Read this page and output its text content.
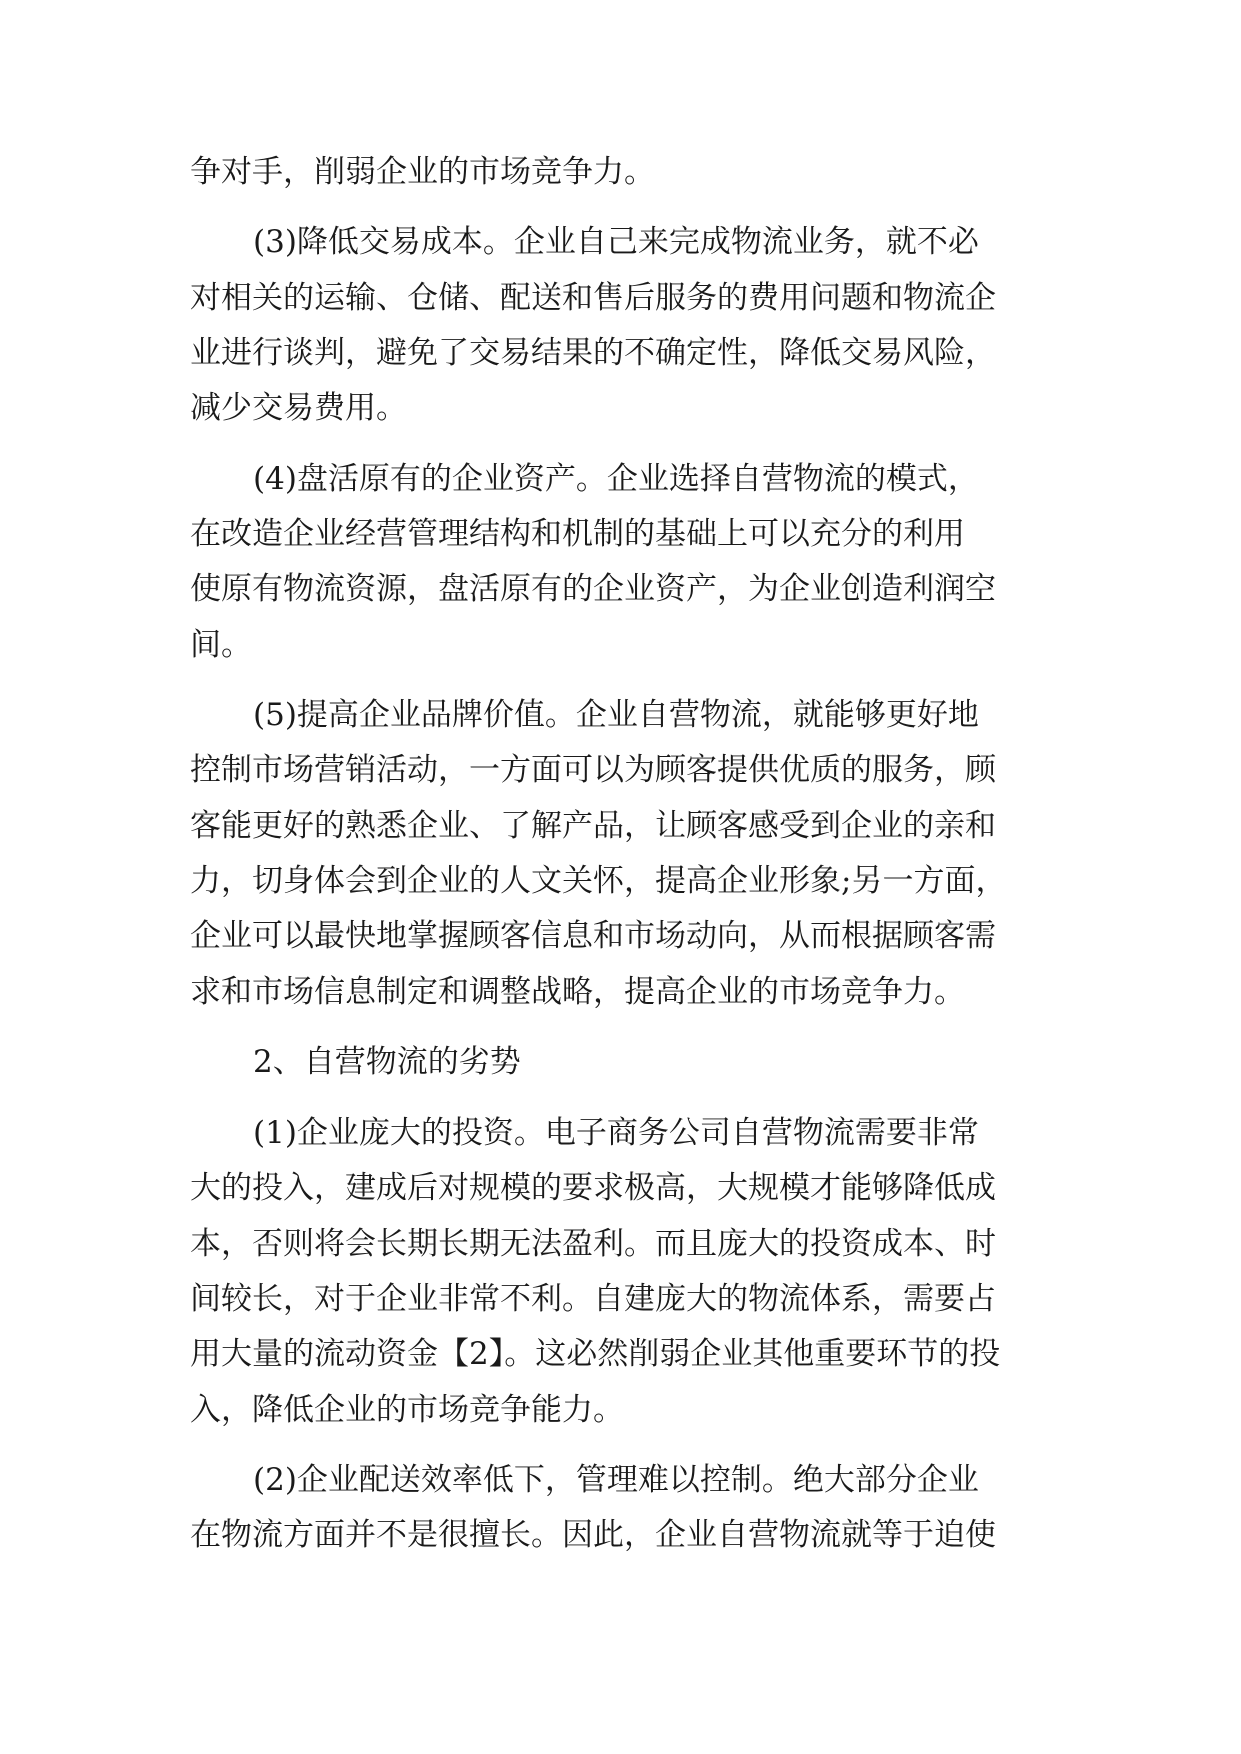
争对手，削弱企业的市场竞争力。
(3)降低交易成本。企业自己来完成物流业务，就不必
对相关的运输、仓储、配送和售后服务的费用问题和物流企
业进行谈判，避免了交易结果的不确定性，降低交易风险，
减少交易费用。
(4)盘活原有的企业资产。企业选择自营物流的模式，
在改造企业经营管理结构和机制的基础上可以充分的利用
使原有物流资源，盘活原有的企业资产，为企业创造利润空
间。
(5)提高企业品牌价值。企业自营物流，就能够更好地
控制市场营销活动，一方面可以为顾客提供优质的服务，顾
客能更好的熟悉企业、了解产品，让顾客感受到企业的亲和
力，切身体会到企业的人文关怀，提高企业形象;另一方面，
企业可以最快地掌握顾客信息和市场动向，从而根据顾客需
求和市场信息制定和调整战略，提高企业的市场竞争力。
2、自营物流的劣势
(1)企业庞大的投资。电子商务公司自营物流需要非常
大的投入，建成后对规模的要求极高，大规模才能够降低成
本，否则将会长期长期无法盈利。而且庞大的投资成本、时
间较长，对于企业非常不利。自建庞大的物流体系，需要占
用大量的流动资金【2】。这必然削弱企业其他重要环节的投
入，降低企业的市场竞争能力。
(2)企业配送效率低下，管理难以控制。绝大部分企业
在物流方面并不是很擅长。因此，企业自营物流就等于迫使
